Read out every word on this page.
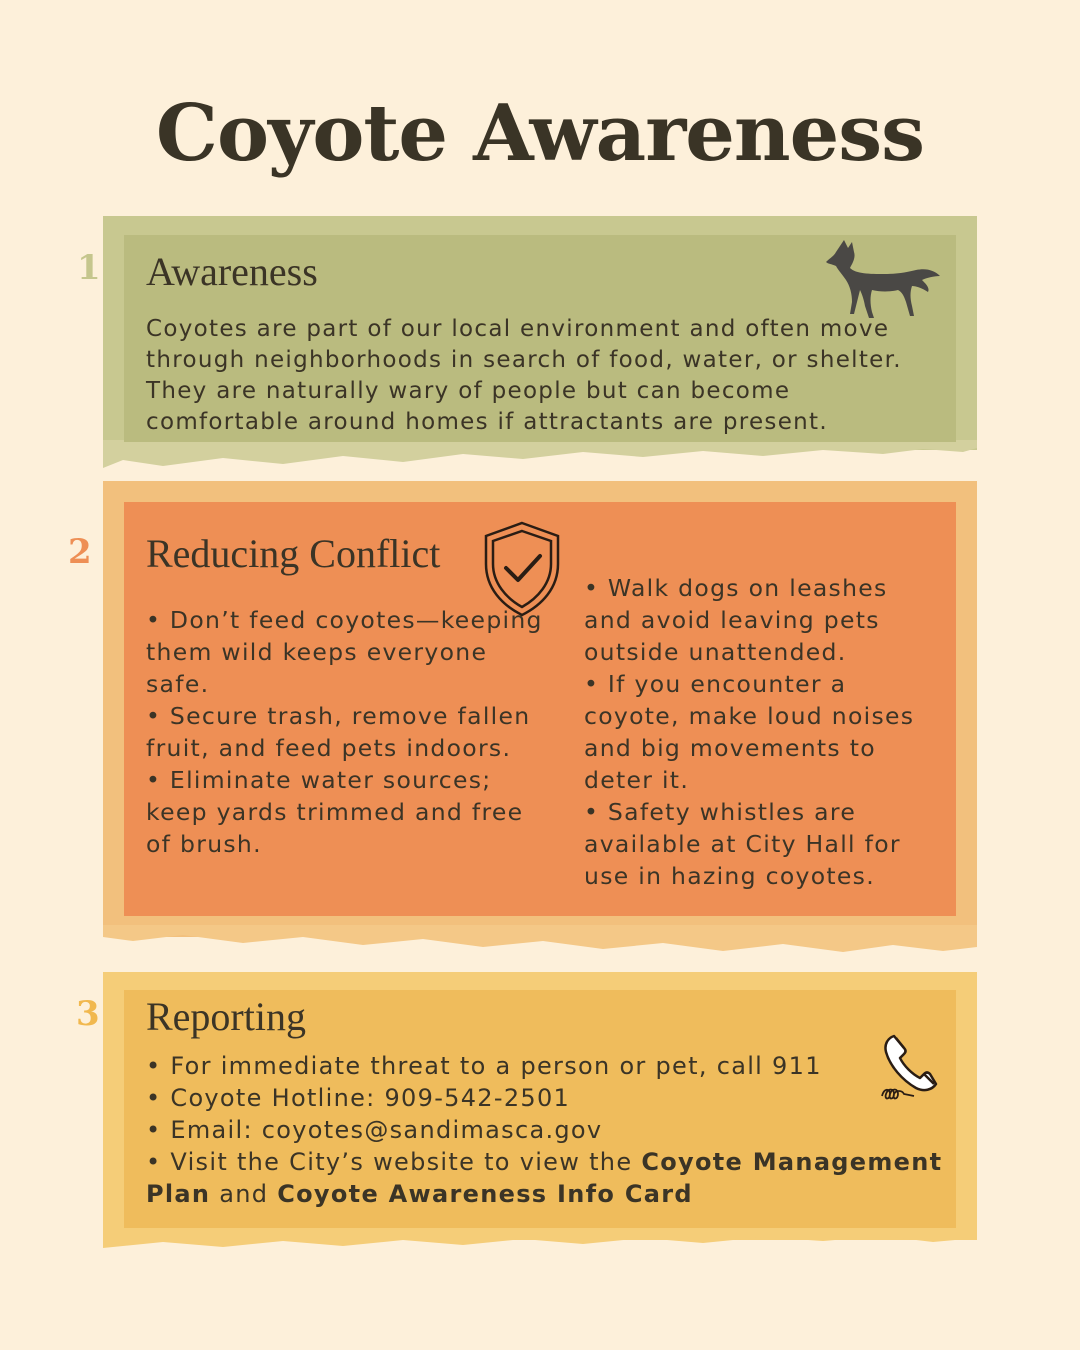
Coyote Awareness
1 Awareness

Coyotes are part of our local environment and often move through neighborhoods in search of food, water, or shelter. They are naturally wary of people but can become comfortable around homes if attractants are present.

2 Reducing Conflict
• Don’t feed coyotes—keeping them wild keeps everyone safe.
• Secure trash, remove fallen fruit, and feed pets indoors.
• Eliminate water sources; keep yards trimmed and free of brush.
• Walk dogs on leashes and avoid leaving pets outside unattended.
• If you encounter a coyote, make loud noises and big movements to deter it.
• Safety whistles are available at City Hall for use in hazing coyotes.
3 Reporting
• For immediate threat to a person or pet, call 911
• Coyote Hotline: 909-542-2501
• Email: coyotes@sandimasca.gov
• Visit the City’s website to view the Coyote Management Plan and Coyote Awareness Info Card
